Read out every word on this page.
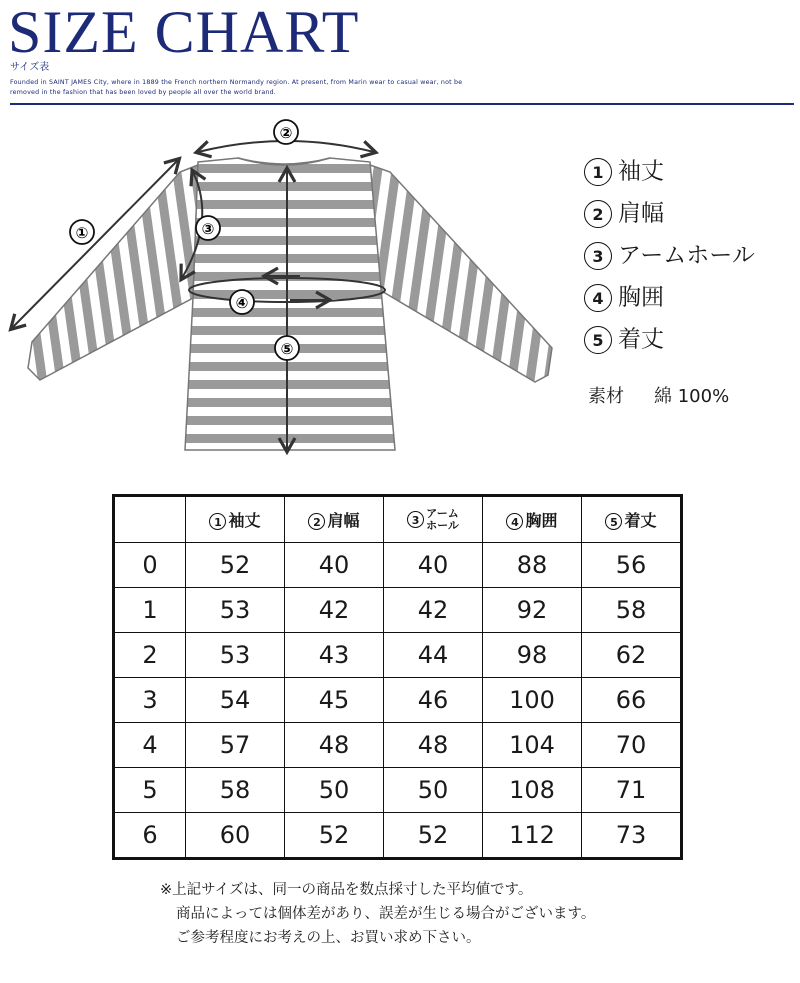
SIZE CHART
サイズ表
Founded in SAINT JAMES City, where in 1889 the French northern Normandy region. At present, from Marin wear to casual wear, not be removed in the fashion that has been loved by people all over the world brand.
①
②
③
④
⑤
1 袖丈
2 肩幅
3 アームホール
4 胸囲
5 着丈
素材 綿 100%
	1 袖丈	2 肩幅	3アーム
ホール	4 胸囲	5 着丈
0	52	40	40	88	56
1	53	42	42	92	58
2	53	43	44	98	62
3	54	45	46	100	66
4	57	48	48	104	70
5	58	50	50	108	71
6	60	52	52	112	73
※上記サイズは、同一の商品を数点採寸した平均値です。
商品によっては個体差があり、誤差が生じる場合がございます。
ご参考程度にお考えの上、お買い求め下さい。
